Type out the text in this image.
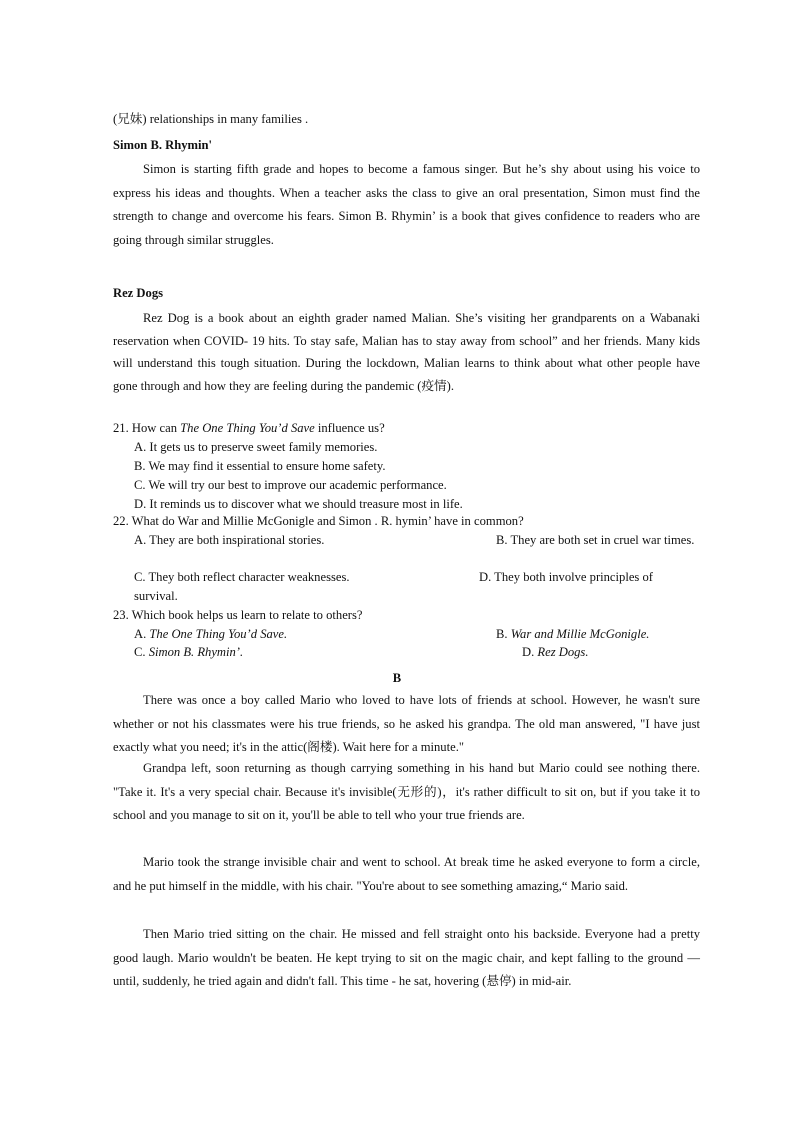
(兄妹) relationships in many families .
Simon B. Rhymin'
Simon is starting fifth grade and hopes to become a famous singer. But he’s shy about using his voice to express his ideas and thoughts. When a teacher asks the class to give an oral presentation, Simon must find the strength to change and overcome his fears. Simon B. Rhymin’ is a book that gives confidence to readers who are going through similar struggles.
Rez Dogs
Rez Dog is a book about an eighth grader named Malian. She’s visiting her grandparents on a Wabanaki reservation when COVID- 19 hits. To stay safe, Malian has to stay away from school” and her friends. Many kids will understand this tough situation. During the lockdown, Malian learns to think about what other people have gone through and how they are feeling during the pandemic (疫情).
21. How can The One Thing You’d Save influence us?
A. It gets us to preserve sweet family memories.
B. We may find it essential to ensure home safety.
C. We will try our best to improve our academic performance.
D. It reminds us to discover what we should treasure most in life.
22. What do War and Millie McGonigle and Simon . R. hymin’ have in common?
A. They are both inspirational stories.	B. They are both set in cruel war times.
C. They both reflect character weaknesses.	D. They both involve principles of survival.
23. Which book helps us learn to relate to others?
A. The One Thing You’d Save.	B. War and Millie McGonigle.
C. Simon B. Rhymin’.	D. Rez Dogs.
B
There was once a boy called Mario who loved to have lots of friends at school. However, he wasn't sure whether or not his classmates were his true friends, so he asked his grandpa. The old man answered, "I have just exactly what you need; it's in the attic(阁楼). Wait here for a minute."
Grandpa left, soon returning as though carrying something in his hand but Mario could see nothing there. "Take it. It's a very special chair. Because it's invisible(无形的)，it's rather difficult to sit on, but if you take it to school and you manage to sit on it, you'll be able to tell who your true friends are.
Mario took the strange invisible chair and went to school. At break time he asked everyone to form a circle, and he put himself in the middle, with his chair. "You're about to see something amazing,“ Mario said.
Then Mario tried sitting on the chair. He missed and fell straight onto his backside. Everyone had a pretty good laugh. Mario wouldn't be beaten. He kept trying to sit on the magic chair, and kept falling to the ground — until, suddenly, he tried again and didn't fall. This time - he sat, hovering (悬停) in mid-air.
